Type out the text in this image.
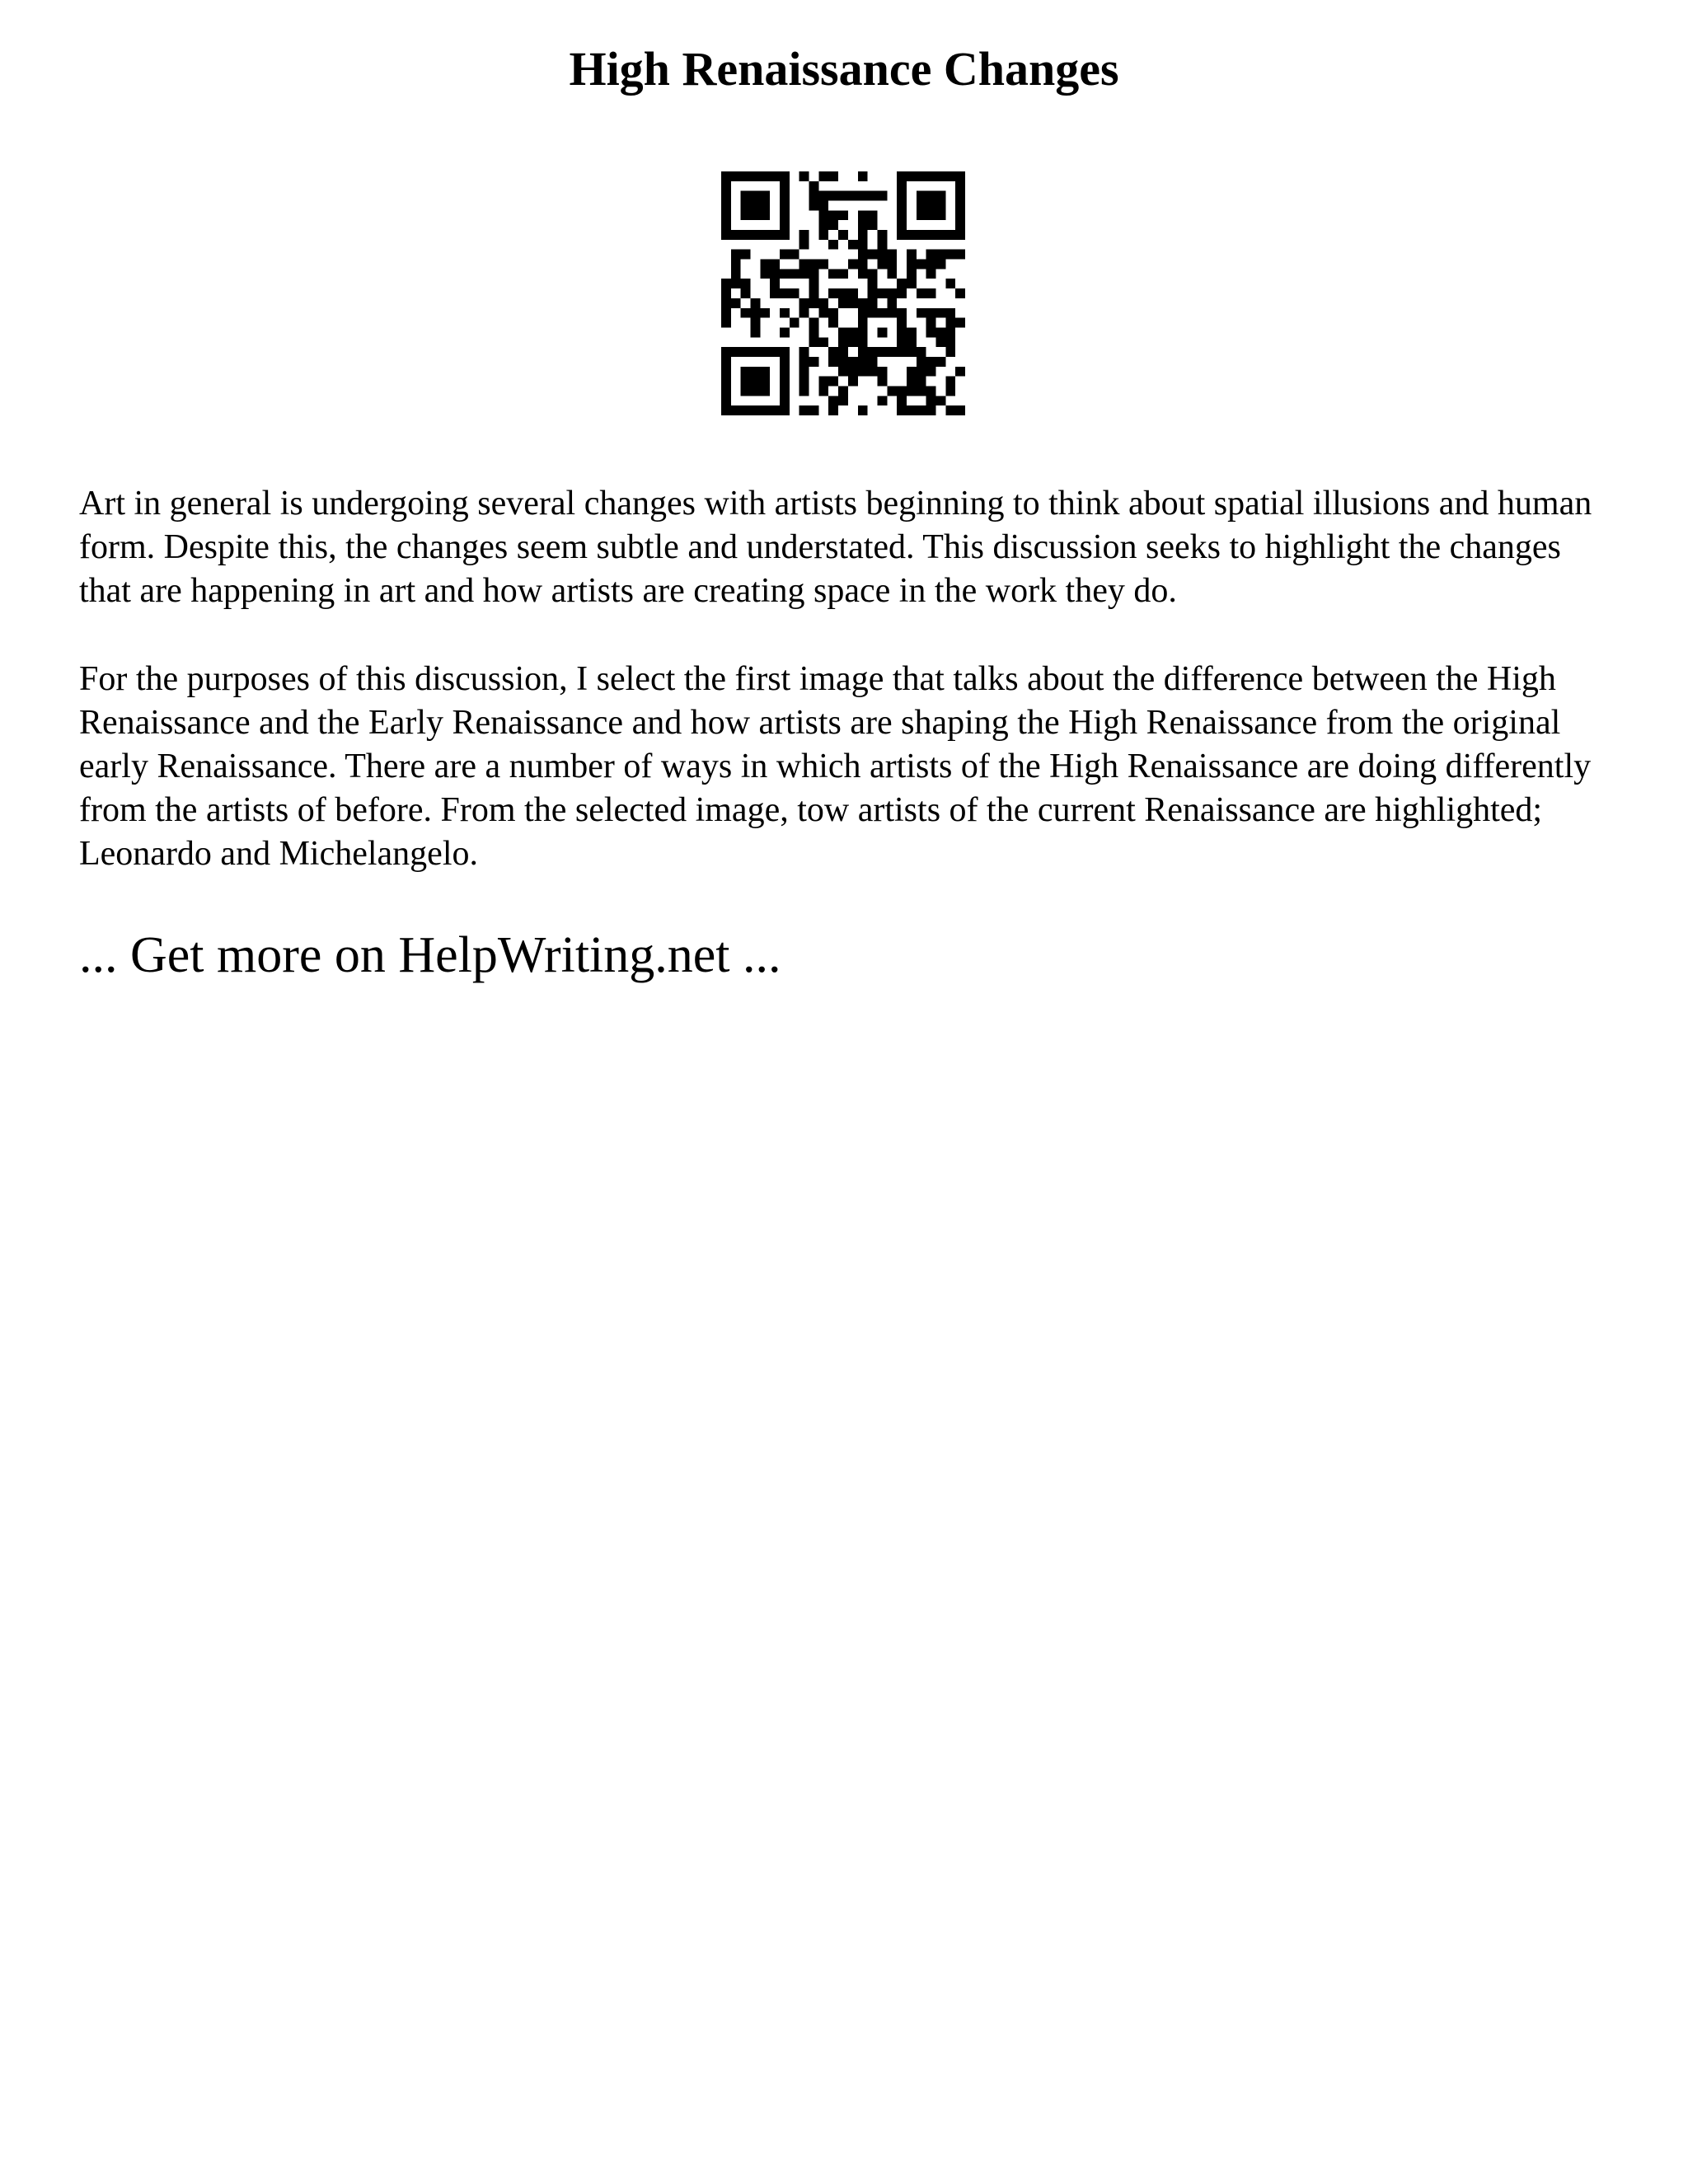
High Renaissance Changes

Art in general is undergoing several changes with artists beginning to think about spatial illusions and human form. Despite this, the changes seem subtle and understated. This discussion seeks to highlight the changes that are happening in art and how artists are creating space in the work they do.

For the purposes of this discussion, I select the first image that talks about the difference between the High Renaissance and the Early Renaissance and how artists are shaping the High Renaissance from the original early Renaissance. There are a number of ways in which artists of the High Renaissance are doing differently from the artists of before. From the selected image, tow artists of the current Renaissance are highlighted; Leonardo and Michelangelo.

... Get more on HelpWriting.net ...
